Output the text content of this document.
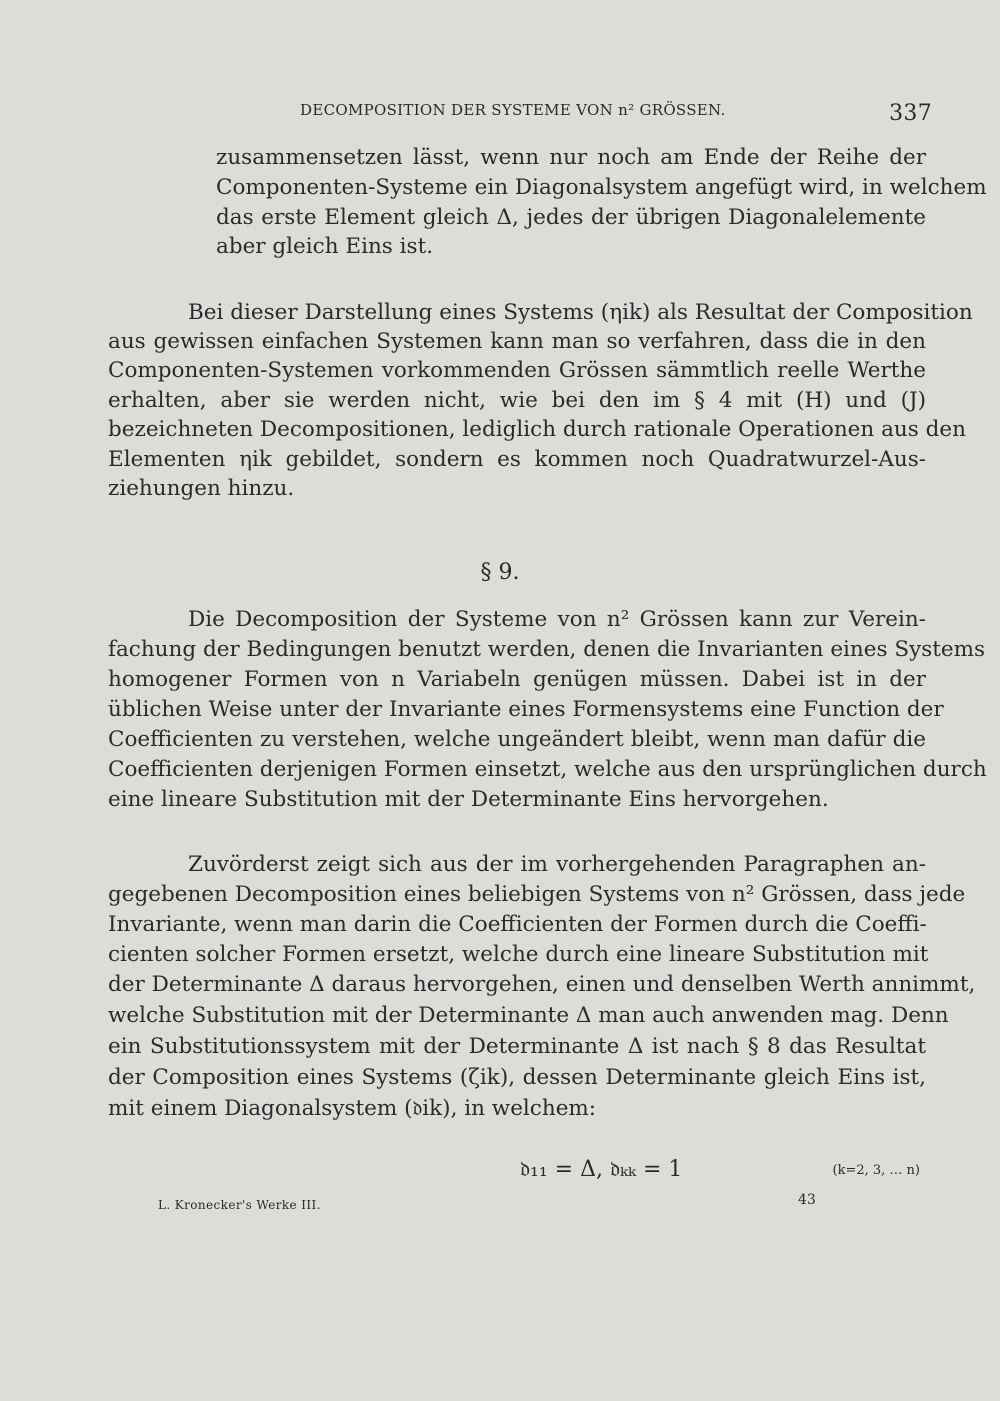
DECOMPOSITION DER SYSTEME VON n² GRÖSSEN.	337
zusammensetzen lässt, wenn nur noch am Ende der Reihe der
Componenten-Systeme ein Diagonalsystem angefügt wird, in welchem
das erste Element gleich Δ, jedes der übrigen Diagonalelemente
aber gleich Eins ist.
Bei dieser Darstellung eines Systems (ηik) als Resultat der Composition
aus gewissen einfachen Systemen kann man so verfahren, dass die in den
Componenten-Systemen vorkommenden Grössen sämmtlich reelle Werthe
erhalten, aber sie werden nicht, wie bei den im § 4 mit (H) und (J)
bezeichneten Decompositionen, lediglich durch rationale Operationen aus den
Elementen ηik gebildet, sondern es kommen noch Quadratwurzel-Aus-
ziehungen hinzu.
§ 9.
Die Decomposition der Systeme von n² Grössen kann zur Verein-
fachung der Bedingungen benutzt werden, denen die Invarianten eines Systems
homogener Formen von n Variabeln genügen müssen. Dabei ist in der
üblichen Weise unter der Invariante eines Formensystems eine Function der
Coefficienten zu verstehen, welche ungeändert bleibt, wenn man dafür die
Coefficienten derjenigen Formen einsetzt, welche aus den ursprünglichen durch
eine lineare Substitution mit der Determinante Eins hervorgehen.
Zuvörderst zeigt sich aus der im vorhergehenden Paragraphen an-
gegebenen Decomposition eines beliebigen Systems von n² Grössen, dass jede
Invariante, wenn man darin die Coefficienten der Formen durch die Coeffi-
cienten solcher Formen ersetzt, welche durch eine lineare Substitution mit
der Determinante Δ daraus hervorgehen, einen und denselben Werth annimmt,
welche Substitution mit der Determinante Δ man auch anwenden mag. Denn
ein Substitutionssystem mit der Determinante Δ ist nach § 8 das Resultat
der Composition eines Systems (ζik), dessen Determinante gleich Eins ist,
mit einem Diagonalsystem (𝔡ik), in welchem:
𝔡₁₁ = Δ, 𝔡ₖₖ = 1	(k=2, 3, … n)
L. Kronecker's Werke III.	43
